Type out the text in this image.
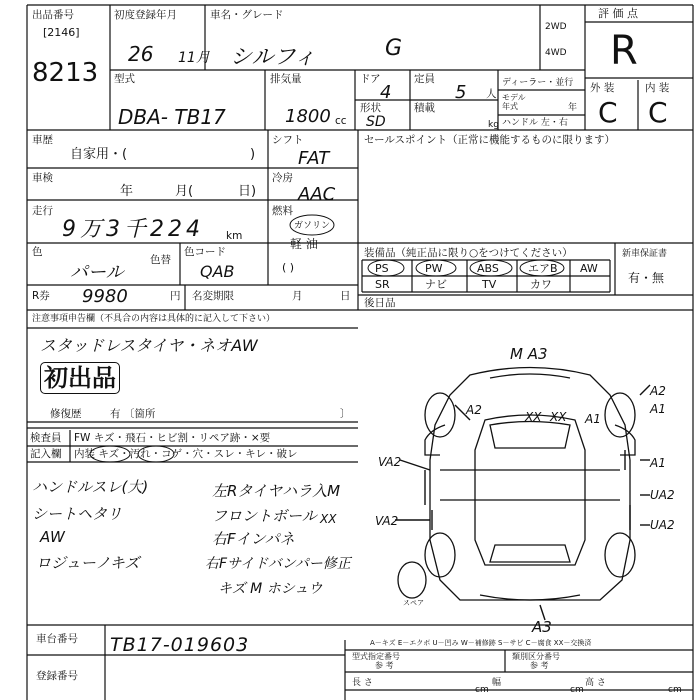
出品番号
[2146]
8213
初度登録年月
26 11月
車名・グレード
シルフィ	G
2WD
4WD
評 価 点
R
型式
DBA- TB17
排気量
1800 cc
ドア
4
定員
5 人
ディーラー・並行
モデル
年式	年
形状
SD
積載
kg ハンドル 左・右
外 装	内 装
C C
車歴
自家用・(	)
シフト
FAT
車検
年	月(	日)
冷房
AAC
走行
9万3千224 km
燃料
ガソリン
軽 油
( )
色
パール
色替
色コード
QAB
R券 9980	円 名変期限	月	日
セールスポイント（正常に機能するものに限ります）
装備品（純正品に限り○をつけてください）
PS	PW	ABS	エアB AW
SR	ナビ	TV	カワ
新車保証書
有・無
後日品
注意事項申告欄（不具合の内容は具体的に記入して下さい）
スタッドレスタイヤ・ネオAW
初出品
修復歴	有 〔箇所	〕
検査員
記入欄
FW キズ・飛石・ヒビ割・リペア跡・×要
内装 キズ・汚れ・コゲ・穴・スレ・キレ・破レ
ハンドルスレ(大)
シートヘタリ
AW
ロジューノキズ
左Rタイヤハラ入M
フロントボール
右Fインパネ
右Fサイドバンパー修正
キズ M ホシュウ
XX
M A3
A2
A1
A1
A2
A1
XX XX
VA2
VA2
UA2
UA2
A3
スペア
A－キズ E－エクボ U－凹み W－補修跡 S－サビ C－腐食 XX－交換済
車台番号 TB17-019603
登録番号
型式指定番号
参 考
類別区分番号
参 考
長 さ
cm
幅
cm
高 さ
cm
